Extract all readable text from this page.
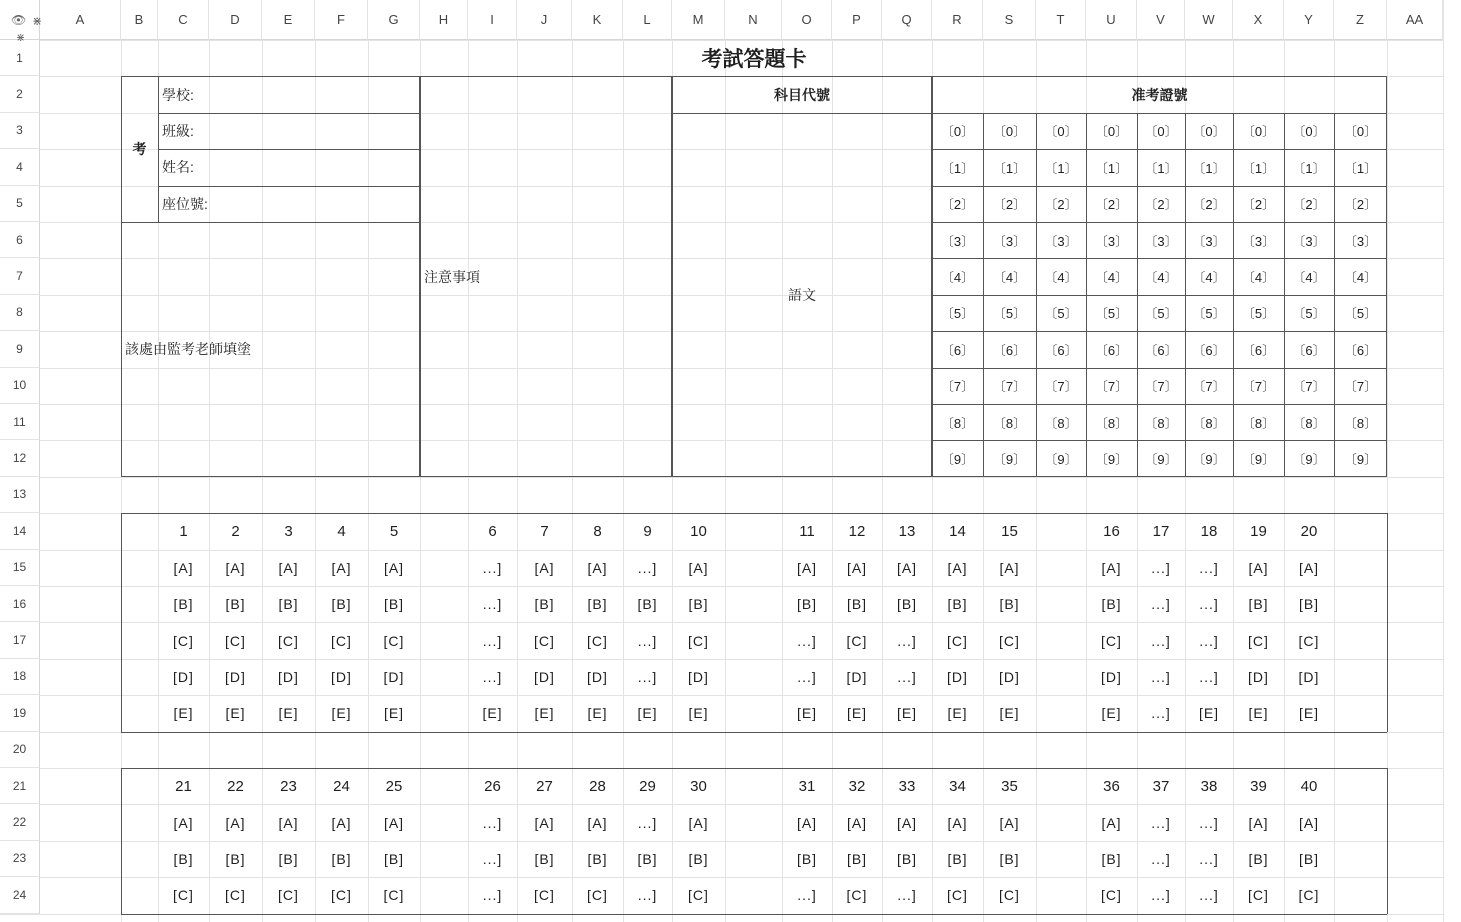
A	B	C	D	E	F	G	H	I	J	K	L	M	N	O	P	Q	R	S	T	U	V	W	X	Y	Z	AA
1
2
3
4
5
6
7
8
9
10
11
12
13
14
15
16
17
18
19
20
21
22
23
24
👁 ⋇
⋇
考試答題卡
考
學校:
班級:
姓名:
座位號:
該處由監考老師填塗
注意事項
科目代號
語文
准考證號
〔0〕	〔0〕	〔0〕	〔0〕	〔0〕	〔0〕	〔0〕	〔0〕	〔0〕
〔1〕	〔1〕	〔1〕	〔1〕	〔1〕	〔1〕	〔1〕	〔1〕	〔1〕
〔2〕	〔2〕	〔2〕	〔2〕	〔2〕	〔2〕	〔2〕	〔2〕	〔2〕
〔3〕	〔3〕	〔3〕	〔3〕	〔3〕	〔3〕	〔3〕	〔3〕	〔3〕
〔4〕	〔4〕	〔4〕	〔4〕	〔4〕	〔4〕	〔4〕	〔4〕	〔4〕
〔5〕	〔5〕	〔5〕	〔5〕	〔5〕	〔5〕	〔5〕	〔5〕	〔5〕
〔6〕	〔6〕	〔6〕	〔6〕	〔6〕	〔6〕	〔6〕	〔6〕	〔6〕
〔7〕	〔7〕	〔7〕	〔7〕	〔7〕	〔7〕	〔7〕	〔7〕	〔7〕
〔8〕	〔8〕	〔8〕	〔8〕	〔8〕	〔8〕	〔8〕	〔8〕	〔8〕
〔9〕	〔9〕	〔9〕	〔9〕	〔9〕	〔9〕	〔9〕	〔9〕	〔9〕
1	2	3	4	5	6	7	8	9	10	11	12	13	14	15	16	17	18	19	20
[A]	[A]	[A]	[A]	[A]	...]	[A]	[A]	...]	[A]	[A]	[A]	[A]	[A]	[A]	[A]	...]	...]	[A]	[A]
[B]	[B]	[B]	[B]	[B]	...]	[B]	[B]	[B]	[B]	[B]	[B]	[B]	[B]	[B]	[B]	...]	...]	[B]	[B]
[C]	[C]	[C]	[C]	[C]	...]	[C]	[C]	...]	[C]	...]	[C]	...]	[C]	[C]	[C]	...]	...]	[C]	[C]
[D]	[D]	[D]	[D]	[D]	...]	[D]	[D]	...]	[D]	...]	[D]	...]	[D]	[D]	[D]	...]	...]	[D]	[D]
[E]	[E]	[E]	[E]	[E]	[E]	[E]	[E]	[E]	[E]	[E]	[E]	[E]	[E]	[E]	[E]	...]	[E]	[E]	[E]
21	22	23	24	25	26	27	28	29	30	31	32	33	34	35	36	37	38	39	40
[A]	[A]	[A]	[A]	[A]	...]	[A]	[A]	...]	[A]	[A]	[A]	[A]	[A]	[A]	[A]	...]	...]	[A]	[A]
[B]	[B]	[B]	[B]	[B]	...]	[B]	[B]	[B]	[B]	[B]	[B]	[B]	[B]	[B]	[B]	...]	...]	[B]	[B]
[C]	[C]	[C]	[C]	[C]	...]	[C]	[C]	...]	[C]	...]	[C]	...]	[C]	[C]	[C]	...]	...]	[C]	[C]
